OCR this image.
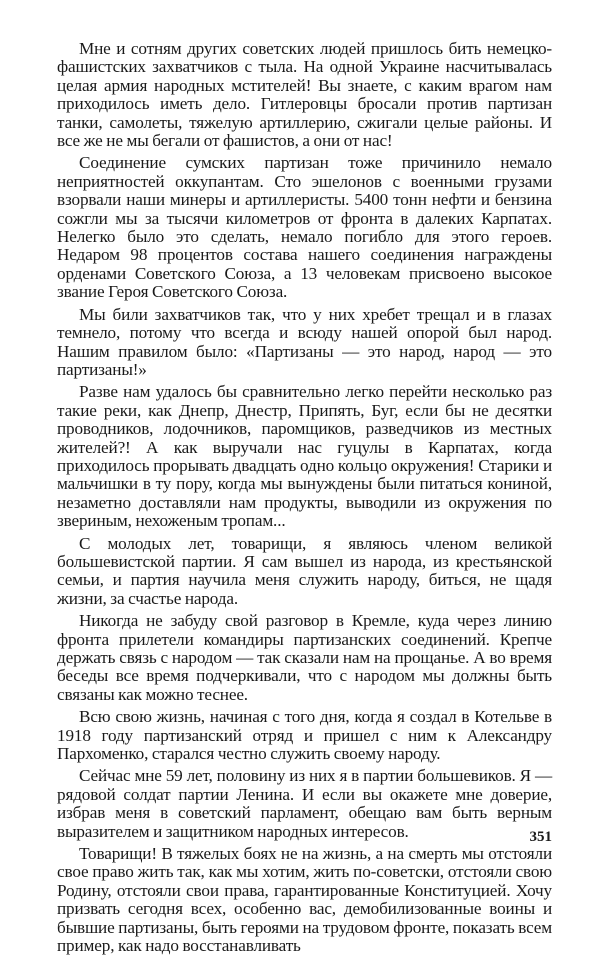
Мне и сотням других советских людей пришлось бить немецко-фашистских захватчиков с тыла. На одной Украине насчитывалась целая армия народных мстителей! Вы знаете, с каким врагом нам приходилось иметь дело. Гитлеровцы бросали против партизан танки, самолеты, тяжелую артиллерию, сжигали целые районы. И все же не мы бегали от фашистов, а они от нас!

Соединение сумских партизан тоже причинило немало неприятностей оккупантам. Сто эшелонов с военными грузами взорвали наши минеры и артиллеристы. 5400 тонн нефти и бензина сожгли мы за тысячи километров от фронта в далеких Карпатах. Нелегко было это сделать, немало погибло для этого героев. Недаром 98 процентов состава нашего соединения награждены орденами Советского Союза, а 13 человекам присвоено высокое звание Героя Советского Союза.

Мы били захватчиков так, что у них хребет трещал и в глазах темнело, потому что всегда и всюду нашей опорой был народ. Нашим правилом было: «Партизаны — это народ, народ — это партизаны!»

Разве нам удалось бы сравнительно легко перейти несколько раз такие реки, как Днепр, Днестр, Припять, Буг, если бы не десятки проводников, лодочников, паромщиков, разведчиков из местных жителей?! А как выручали нас гуцулы в Карпатах, когда приходилось прорывать двадцать одно кольцо окружения! Старики и мальчишки в ту пору, когда мы вынуждены были питаться кониной, незаметно доставляли нам продукты, выводили из окружения по звериным, нехоженым тропам...

С молодых лет, товарищи, я являюсь членом великой большевистской партии. Я сам вышел из народа, из крестьянской семьи, и партия научила меня служить народу, биться, не щадя жизни, за счастье народа.

Никогда не забуду свой разговор в Кремле, куда через линию фронта прилетели командиры партизанских соединений. Крепче держать связь с народом — так сказали нам на прощанье. А во время беседы все время подчеркивали, что с народом мы должны быть связаны как можно теснее.

Всю свою жизнь, начиная с того дня, когда я создал в Котельве в 1918 году партизанский отряд и пришел с ним к Александру Пархоменко, старался честно служить своему народу.

Сейчас мне 59 лет, половину из них я в партии большевиков. Я — рядовой солдат партии Ленина. И если вы окажете мне доверие, избрав меня в советский парламент, обещаю вам быть верным выразителем и защитником народных интересов.

Товарищи! В тяжелых боях не на жизнь, а на смерть мы отстояли свое право жить так, как мы хотим, жить по-советски, отстояли свою Родину, отстояли свои права, гарантированные Конституцией. Хочу призвать сегодня всех, особенно вас, демобилизованные воины и бывшие партизаны, быть героями на трудовом фронте, показать всем пример, как надо восстанавливать

351
